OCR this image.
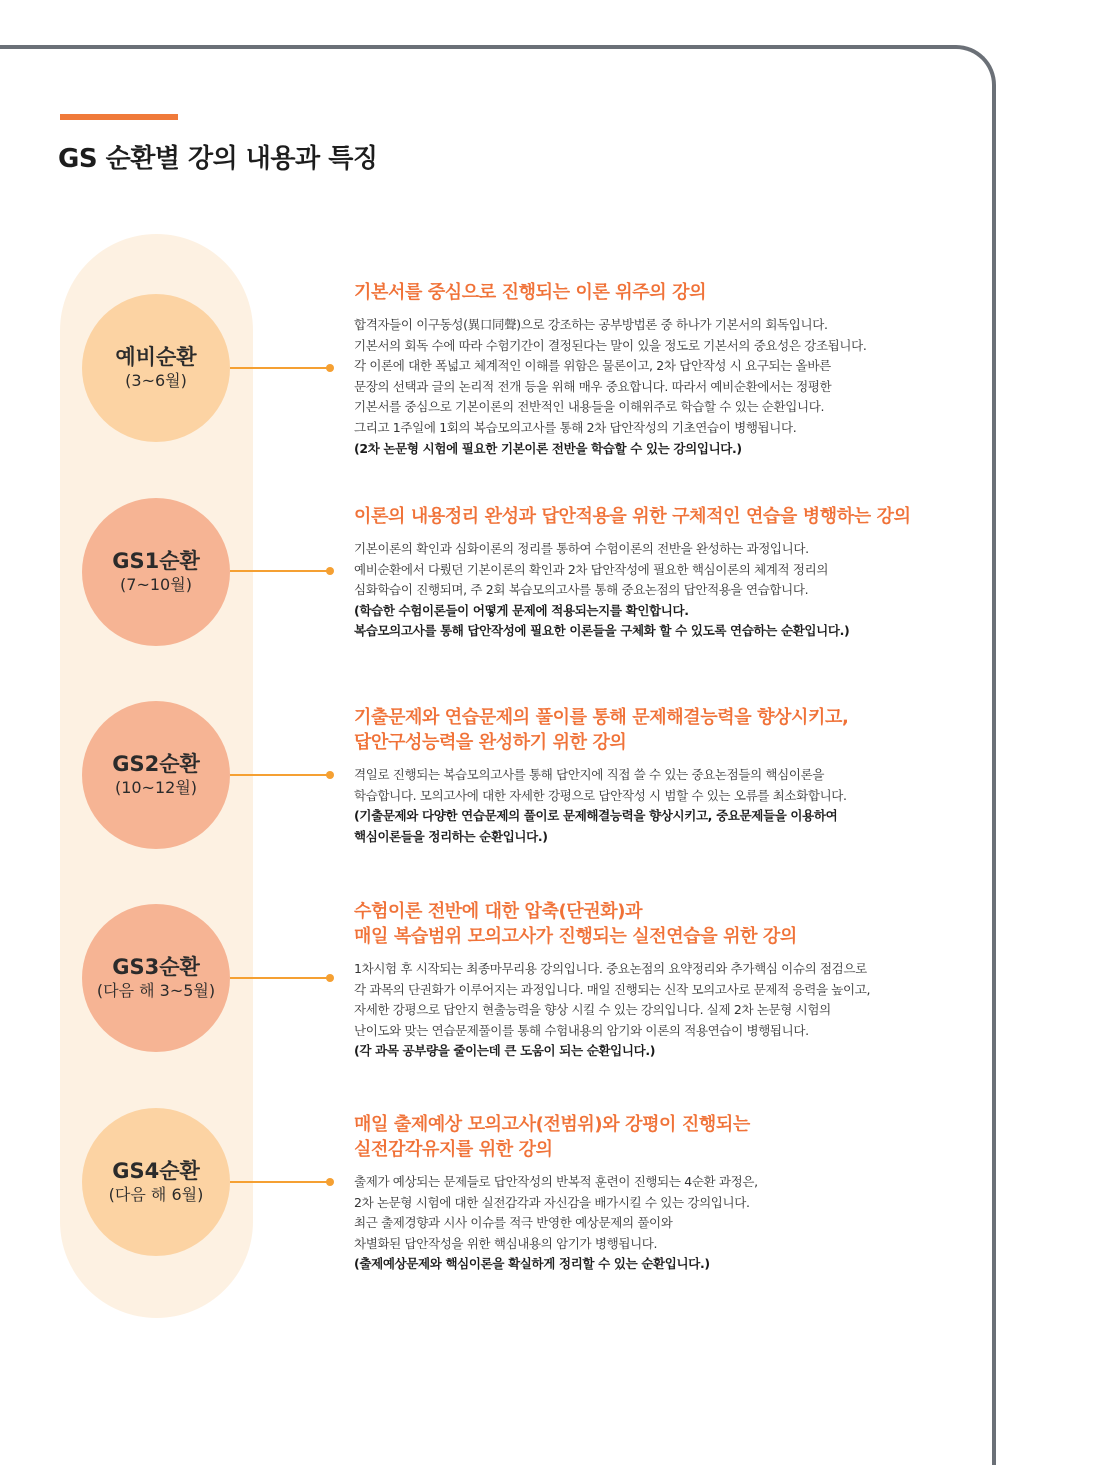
GS 순환별 강의 내용과 특징
예비순환
(3~6월)
기본서를 중심으로 진행되는 이론 위주의 강의
합격자들이 이구동성(異口同聲)으로 강조하는 공부방법론 중 하나가 기본서의 회독입니다.
기본서의 회독 수에 따라 수험기간이 결정된다는 말이 있을 정도로 기본서의 중요성은 강조됩니다.
각 이론에 대한 폭넓고 체계적인 이해를 위함은 물론이고, 2차 답안작성 시 요구되는 올바른
문장의 선택과 글의 논리적 전개 등을 위해 매우 중요합니다. 따라서 예비순환에서는 정평한
기본서를 중심으로 기본이론의 전반적인 내용들을 이해위주로 학습할 수 있는 순환입니다.
그리고 1주일에 1회의 복습모의고사를 통해 2차 답안작성의 기초연습이 병행됩니다.
(2차 논문형 시험에 필요한 기본이론 전반을 학습할 수 있는 강의입니다.)
GS1순환
(7~10월)
이론의 내용정리 완성과 답안적용을 위한 구체적인 연습을 병행하는 강의
기본이론의 확인과 심화이론의 정리를 통하여 수험이론의 전반을 완성하는 과정입니다.
예비순환에서 다뤘던 기본이론의 확인과 2차 답안작성에 필요한 핵심이론의 체계적 정리의
심화학습이 진행되며, 주 2회 복습모의고사를 통해 중요논점의 답안적용을 연습합니다.
(학습한 수험이론들이 어떻게 문제에 적용되는지를 확인합니다.
복습모의고사를 통해 답안작성에 필요한 이론들을 구체화 할 수 있도록 연습하는 순환입니다.)
GS2순환
(10~12월)
기출문제와 연습문제의 풀이를 통해 문제해결능력을 향상시키고,
답안구성능력을 완성하기 위한 강의
격일로 진행되는 복습모의고사를 통해 답안지에 직접 쓸 수 있는 중요논점들의 핵심이론을
학습합니다. 모의고사에 대한 자세한 강평으로 답안작성 시 범할 수 있는 오류를 최소화합니다.
(기출문제와 다양한 연습문제의 풀이로 문제해결능력을 향상시키고, 중요문제들을 이용하여
핵심이론들을 정리하는 순환입니다.)
GS3순환
(다음 해 3~5월)
수험이론 전반에 대한 압축(단권화)과
매일 복습범위 모의고사가 진행되는 실전연습을 위한 강의
1차시험 후 시작되는 최종마무리용 강의입니다. 중요논점의 요약정리와 추가핵심 이슈의 점검으로
각 과목의 단권화가 이루어지는 과정입니다. 매일 진행되는 신작 모의고사로 문제적 응력을 높이고,
자세한 강평으로 답안지 현출능력을 향상 시킬 수 있는 강의입니다. 실제 2차 논문형 시험의
난이도와 맞는 연습문제풀이를 통해 수험내용의 암기와 이론의 적용연습이 병행됩니다.
(각 과목 공부량을 줄이는데 큰 도움이 되는 순환입니다.)
GS4순환
(다음 해 6월)
매일 출제예상 모의고사(전범위)와 강평이 진행되는
실전감각유지를 위한 강의
출제가 예상되는 문제들로 답안작성의 반복적 훈련이 진행되는 4순환 과정은,
2차 논문형 시험에 대한 실전감각과 자신감을 배가시킬 수 있는 강의입니다.
최근 출제경향과 시사 이슈를 적극 반영한 예상문제의 풀이와
차별화된 답안작성을 위한 핵심내용의 암기가 병행됩니다.
(출제예상문제와 핵심이론을 확실하게 정리할 수 있는 순환입니다.)
